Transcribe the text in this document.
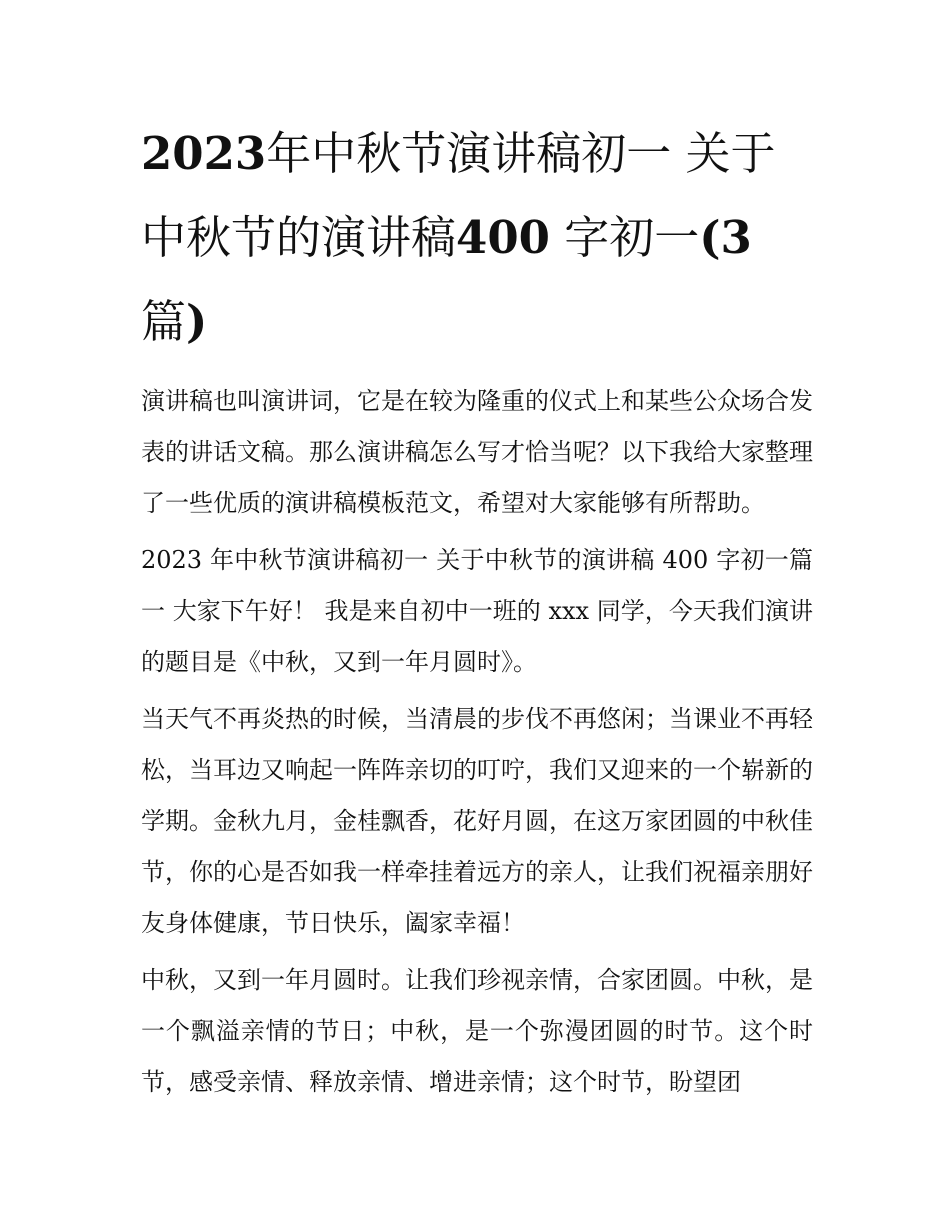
2023年中秋节演讲稿初一 关于中秋节的演讲稿400 字初一(3 篇)

演讲稿也叫演讲词，它是在较为隆重的仪式上和某些公众场合发表的讲话文稿。那么演讲稿怎么写才恰当呢？以下我给大家整理了一些优质的演讲稿模板范文，希望对大家能够有所帮助。

2023 年中秋节演讲稿初一 关于中秋节的演讲稿 400 字初一篇一 大家下午好！ 我是来自初中一班的 xxx 同学，今天我们演讲的题目是《中秋，又到一年月圆时》。

当天气不再炎热的时候，当清晨的步伐不再悠闲；当课业不再轻松，当耳边又响起一阵阵亲切的叮咛，我们又迎来的一个崭新的学期。金秋九月，金桂飘香，花好月圆，在这万家团圆的中秋佳节，你的心是否如我一样牵挂着远方的亲人，让我们祝福亲朋好友身体健康，节日快乐，阖家幸福！

中秋，又到一年月圆时。让我们珍视亲情，合家团圆。中秋，是一个飘溢亲情的节日；中秋，是一个弥漫团圆的时节。这个时节，感受亲情、释放亲情、增进亲情；这个时节，盼望团
